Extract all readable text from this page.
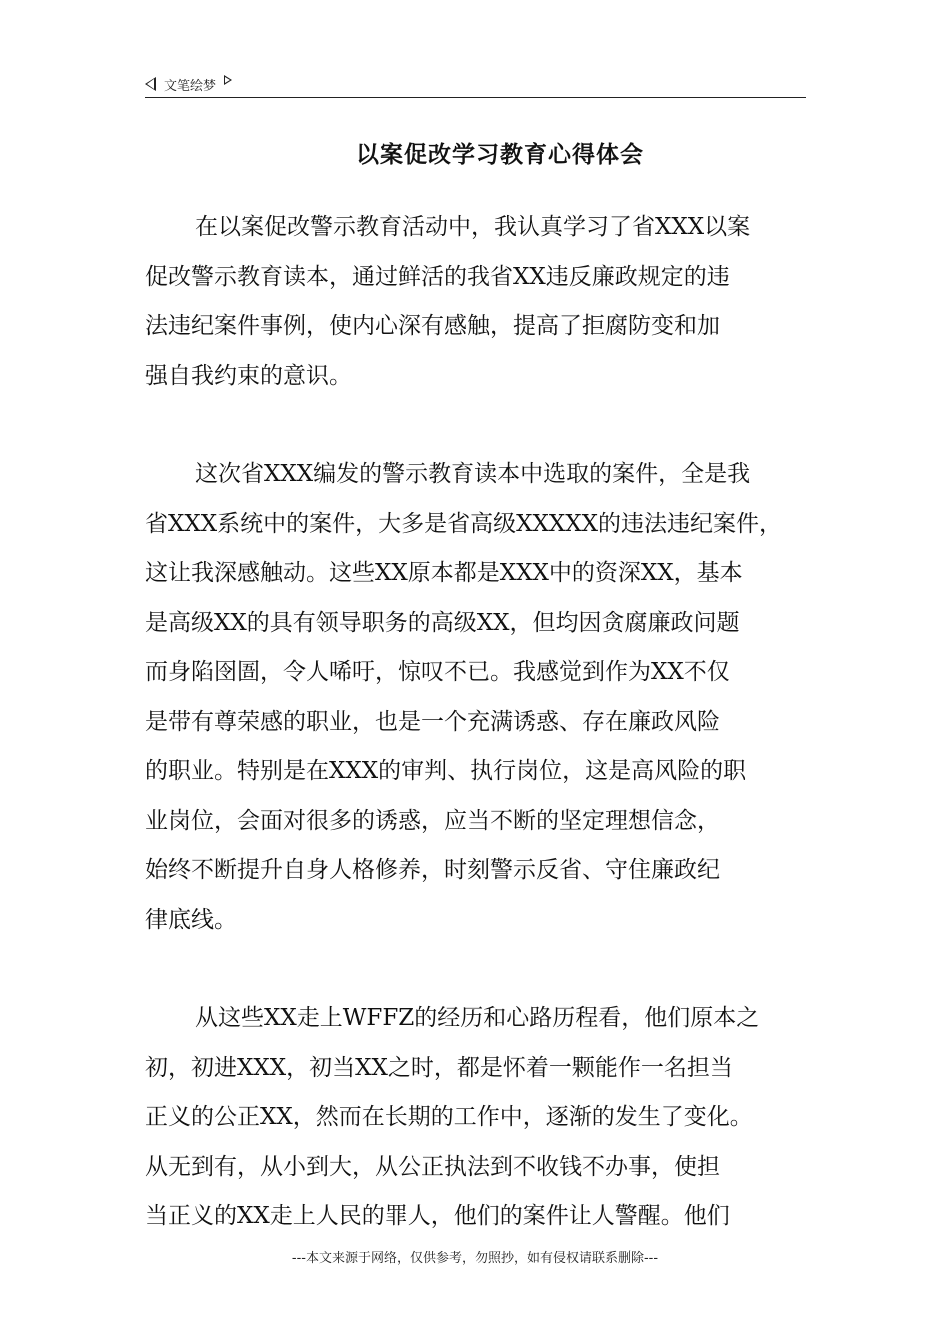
文笔绘梦
以案促改学习教育心得体会

在以案促改警示教育活动中，我认真学习了省XXX以案
促改警示教育读本，通过鲜活的我省XX违反廉政规定的违
法违纪案件事例，使内心深有感触，提高了拒腐防变和加
强自我约束的意识。

这次省XXX编发的警示教育读本中选取的案件，全是我
省XXX系统中的案件，大多是省高级XXXXX的违法违纪案件，
这让我深感触动。这些XX原本都是XXX中的资深XX，基本
是高级XX的具有领导职务的高级XX，但均因贪腐廉政问题
而身陷囹圄，令人唏吁，惊叹不已。我感觉到作为XX不仅
是带有尊荣感的职业，也是一个充满诱惑、存在廉政风险
的职业。特别是在XXX的审判、执行岗位，这是高风险的职
业岗位，会面对很多的诱惑，应当不断的坚定理想信念，
始终不断提升自身人格修养，时刻警示反省、守住廉政纪
律底线。

从这些XX走上WFFZ的经历和心路历程看，他们原本之
初，初进XXX，初当XX之时，都是怀着一颗能作一名担当
正义的公正XX，然而在长期的工作中，逐渐的发生了变化。
从无到有，从小到大，从公正执法到不收钱不办事，使担
当正义的XX走上人民的罪人，他们的案件让人警醒。他们

---本文来源于网络，仅供参考，勿照抄，如有侵权请联系删除---
